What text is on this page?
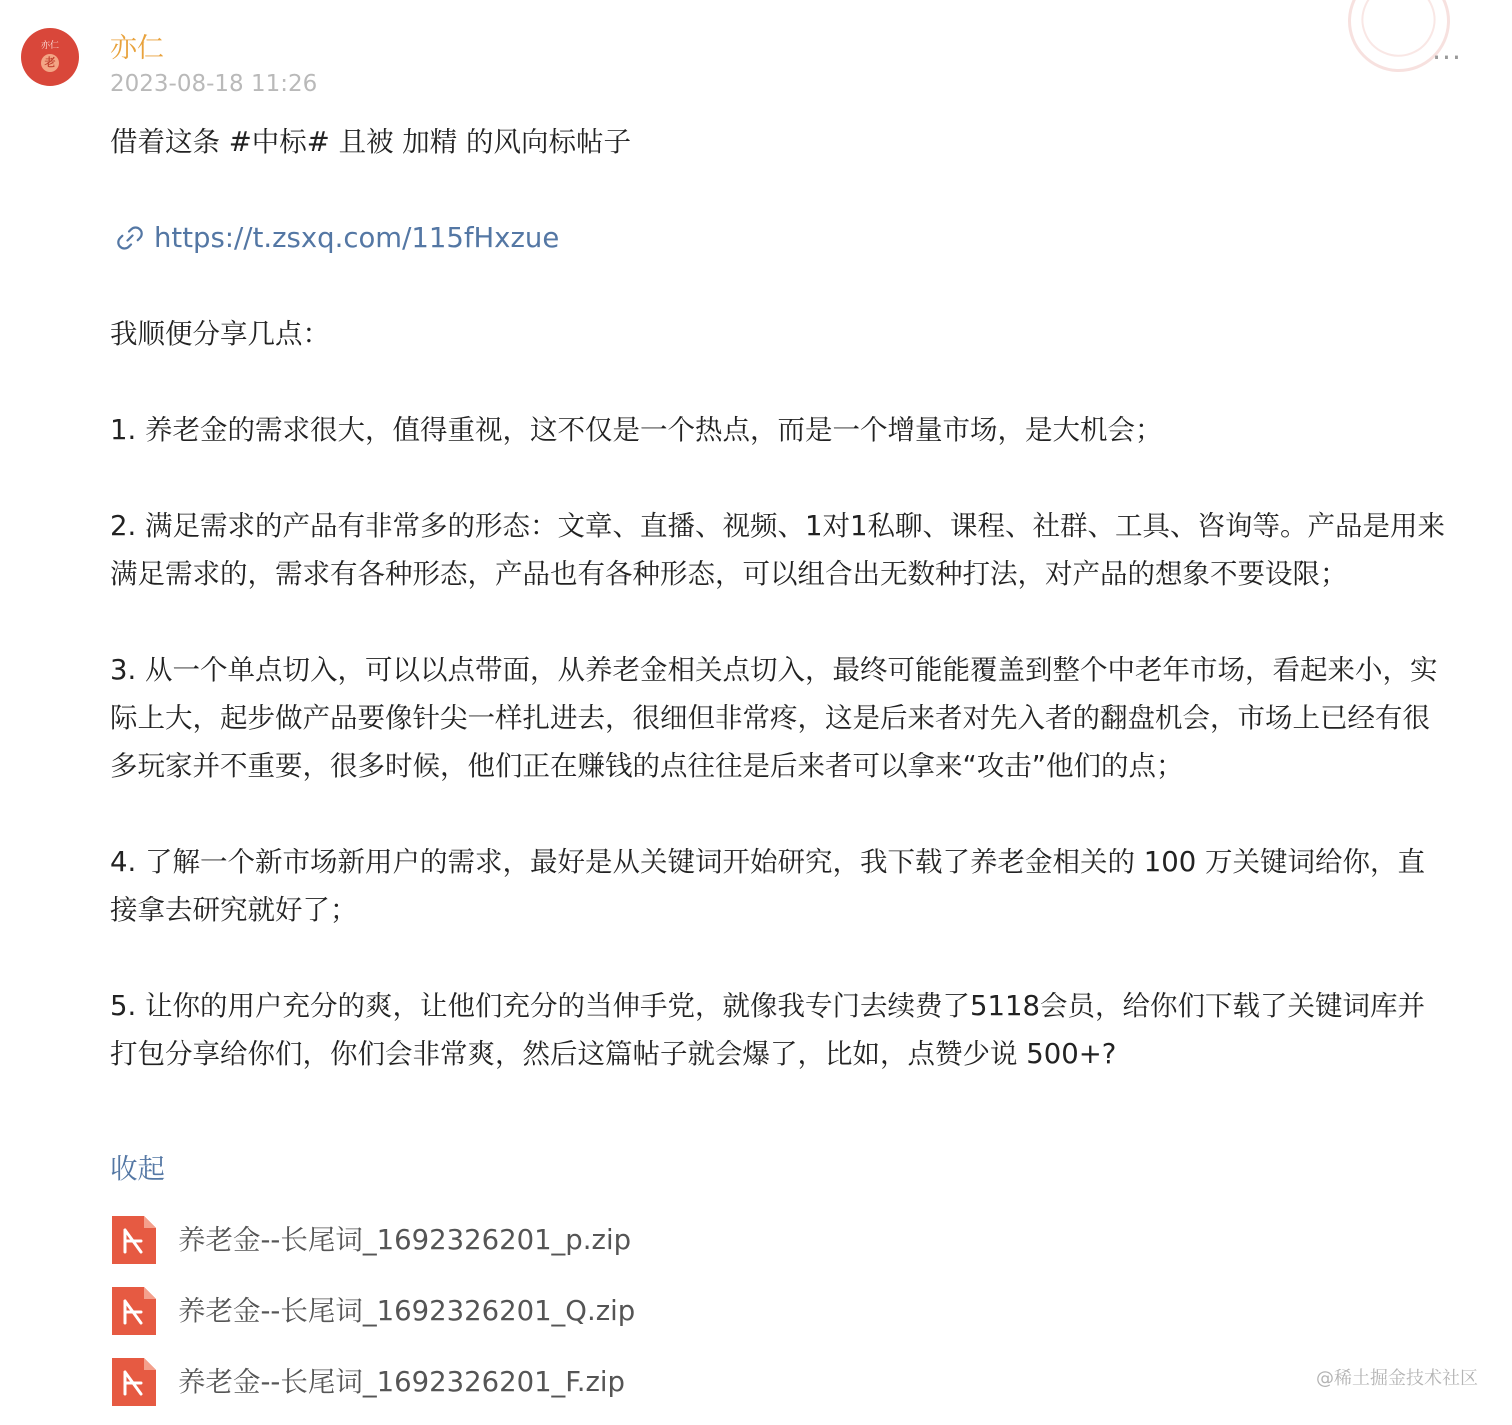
亦仁
老 亦仁
2023-08-18 11:26
...

借着这条 #中标# 且被 加精 的风向标帖子

https://t.zsxq.com/115fHxzue

我顺便分享几点：

1. 养老金的需求很大，值得重视，这不仅是一个热点，而是一个增量市场，是大机会；

2. 满足需求的产品有非常多的形态：文章、直播、视频、1对1私聊、课程、社群、工具、咨询等。产品是用来满足需求的，需求有各种形态，产品也有各种形态，可以组合出无数种打法，对产品的想象不要设限；

3. 从一个单点切入，可以以点带面，从养老金相关点切入，最终可能能覆盖到整个中老年市场，看起来小，实际上大，起步做产品要像针尖一样扎进去，很细但非常疼，这是后来者对先入者的翻盘机会，市场上已经有很多玩家并不重要，很多时候，他们正在赚钱的点往往是后来者可以拿来“攻击”他们的点；

4. 了解一个新市场新用户的需求，最好是从关键词开始研究，我下载了养老金相关的 100 万关键词给你，直接拿去研究就好了；

5. 让你的用户充分的爽，让他们充分的当伸手党，就像我专门去续费了5118会员，给你们下载了关键词库并打包分享给你们，你们会非常爽，然后这篇帖子就会爆了，比如，点赞少说 500+?

收起
养老金--长尾词_1692326201_p.zip
养老金--长尾词_1692326201_Q.zip
养老金--长尾词_1692326201_F.zip	@稀土掘金技术社区
